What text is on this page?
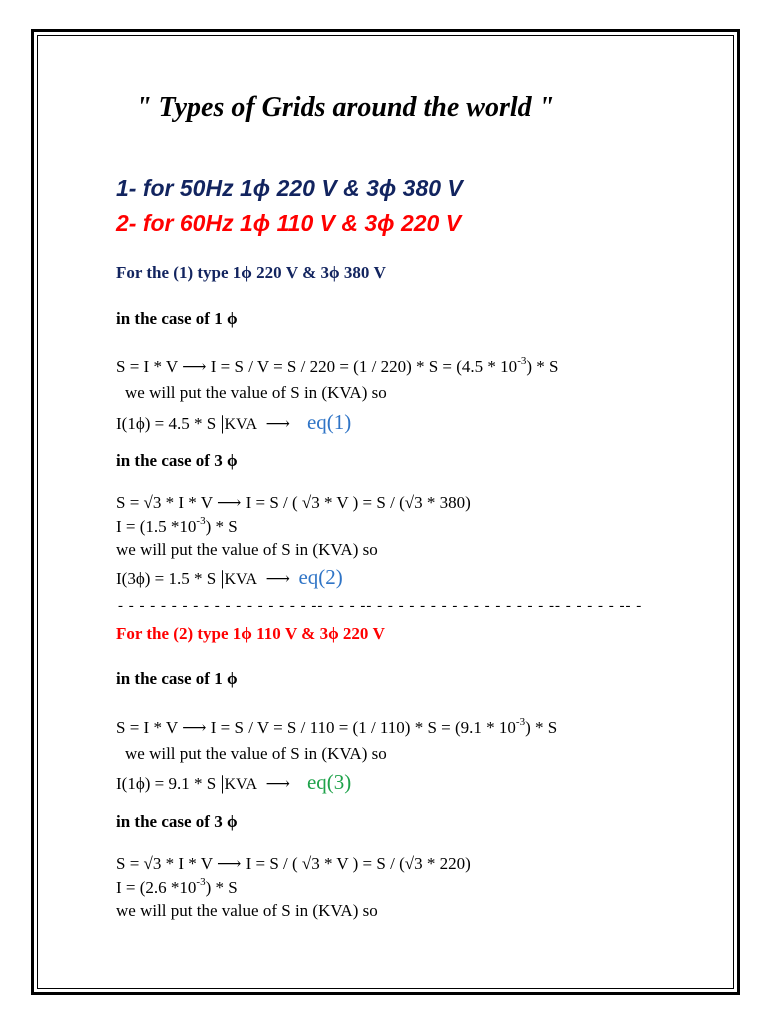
" Types of Grids around the world "
1- for 50Hz 1ϕ 220 V & 3ϕ 380 V
2- for 60Hz 1ϕ 110 V & 3ϕ 220 V
For the (1) type 1ϕ 220 V & 3ϕ 380 V
in the case of 1 ϕ
S = I * V ⟶ $I = S / V = S / 220 = (1 / 220) * S = (4.5 * 10^{-3}) * S$
we will put the value of S in (KVA) so
I(1ϕ) = 4.5 * S |KVA ⟶ eq(1)
in the case of 3 ϕ
S = √3 * I * V ⟶ I = S / ( √3 * V ) = S / (√3 * 380)
I = (1.5 $*10^{-3}$) * S
we will put the value of S in (KVA) so
I(3ϕ) = 1.5 * S |KVA ⟶ eq(2)
- - - - - - - - - - - - - - - - - - -- - - - -- - - - - - - - - - - - - - - - - -- - - - - - -- -
For the (2) type 1ϕ 110 V & 3ϕ 220 V
in the case of 1 ϕ
S = I * V ⟶ $I = S / V = S / 110 = (1 / 110) * S = (9.1 * 10^{-3}) * S$
we will put the value of S in (KVA) so
I(1ϕ) = 9.1 * S |KVA ⟶ eq(3)
in the case of 3 ϕ
S = √3 * I * V ⟶ I = S / ( √3 * V ) = S / (√3 * 220)
I = (2.6 $*10^{-3}$) * S
we will put the value of S in (KVA) so
